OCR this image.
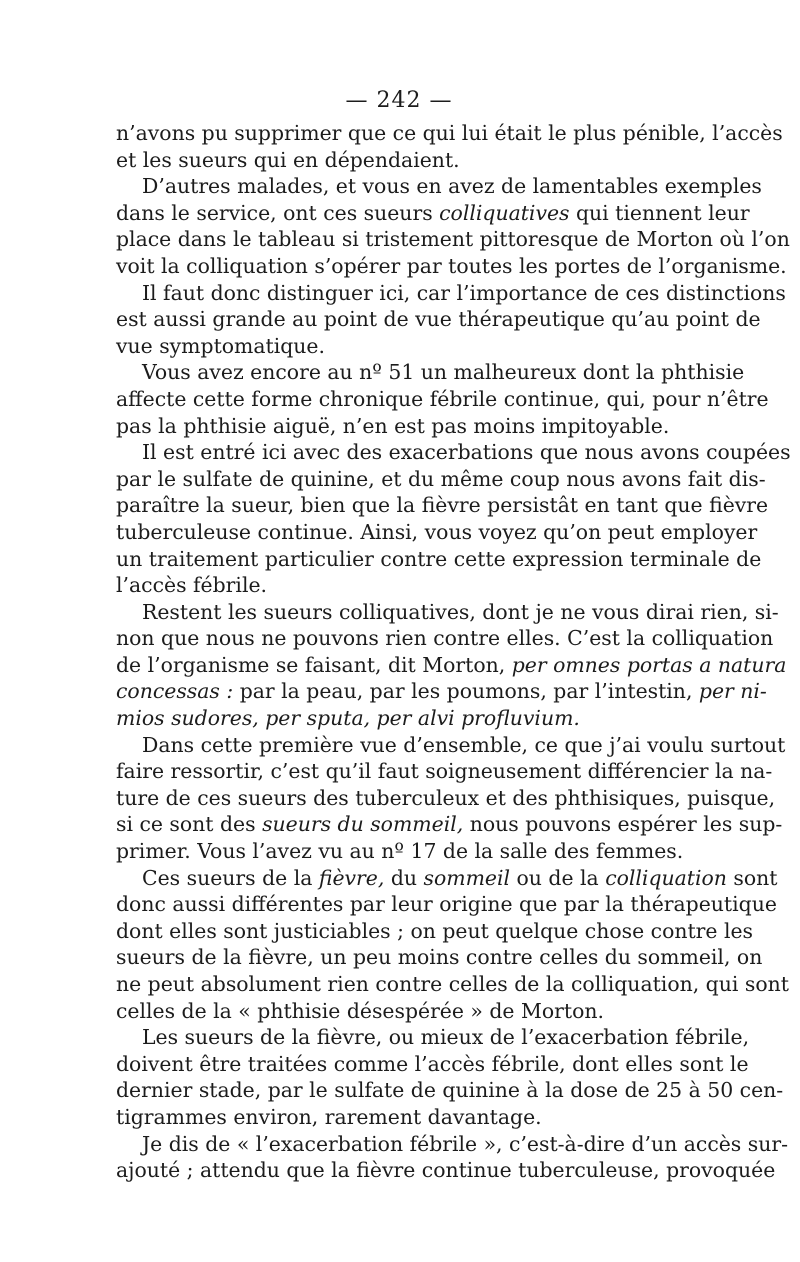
— 242 —
n’avons pu supprimer que ce qui lui était le plus pénible, l’accès
et les sueurs qui en dépendaient.
D’autres malades, et vous en avez de lamentables exemples
dans le service, ont ces sueurs colliquatives qui tiennent leur
place dans le tableau si tristement pittoresque de Morton où l’on
voit la colliquation s’opérer par toutes les portes de l’organisme.
Il faut donc distinguer ici, car l’importance de ces distinctions
est aussi grande au point de vue thérapeutique qu’au point de
vue symptomatique.
Vous avez encore au nº 51 un malheureux dont la phthisie
affecte cette forme chronique fébrile continue, qui, pour n’être
pas la phthisie aiguë, n’en est pas moins impitoyable.
Il est entré ici avec des exacerbations que nous avons coupées
par le sulfate de quinine, et du même coup nous avons fait dis-
paraître la sueur, bien que la fièvre persistât en tant que fièvre
tuberculeuse continue. Ainsi, vous voyez qu’on peut employer
un traitement particulier contre cette expression terminale de
l’accès fébrile.
Restent les sueurs colliquatives, dont je ne vous dirai rien, si-
non que nous ne pouvons rien contre elles. C’est la colliquation
de l’organisme se faisant, dit Morton, per omnes portas a natura
concessas : par la peau, par les poumons, par l’intestin, per ni-
mios sudores, per sputa, per alvi profluvium.
Dans cette première vue d’ensemble, ce que j’ai voulu surtout
faire ressortir, c’est qu’il faut soigneusement différencier la na-
ture de ces sueurs des tuberculeux et des phthisiques, puisque,
si ce sont des sueurs du sommeil, nous pouvons espérer les sup-
primer. Vous l’avez vu au nº 17 de la salle des femmes.
Ces sueurs de la fièvre, du sommeil ou de la colliquation sont
donc aussi différentes par leur origine que par la thérapeutique
dont elles sont justiciables ; on peut quelque chose contre les
sueurs de la fièvre, un peu moins contre celles du sommeil, on
ne peut absolument rien contre celles de la colliquation, qui sont
celles de la « phthisie désespérée » de Morton.
Les sueurs de la fièvre, ou mieux de l’exacerbation fébrile,
doivent être traitées comme l’accès fébrile, dont elles sont le
dernier stade, par le sulfate de quinine à la dose de 25 à 50 cen-
tigrammes environ, rarement davantage.
Je dis de « l’exacerbation fébrile », c’est-à-dire d’un accès sur-
ajouté ; attendu que la fièvre continue tuberculeuse, provoquée
